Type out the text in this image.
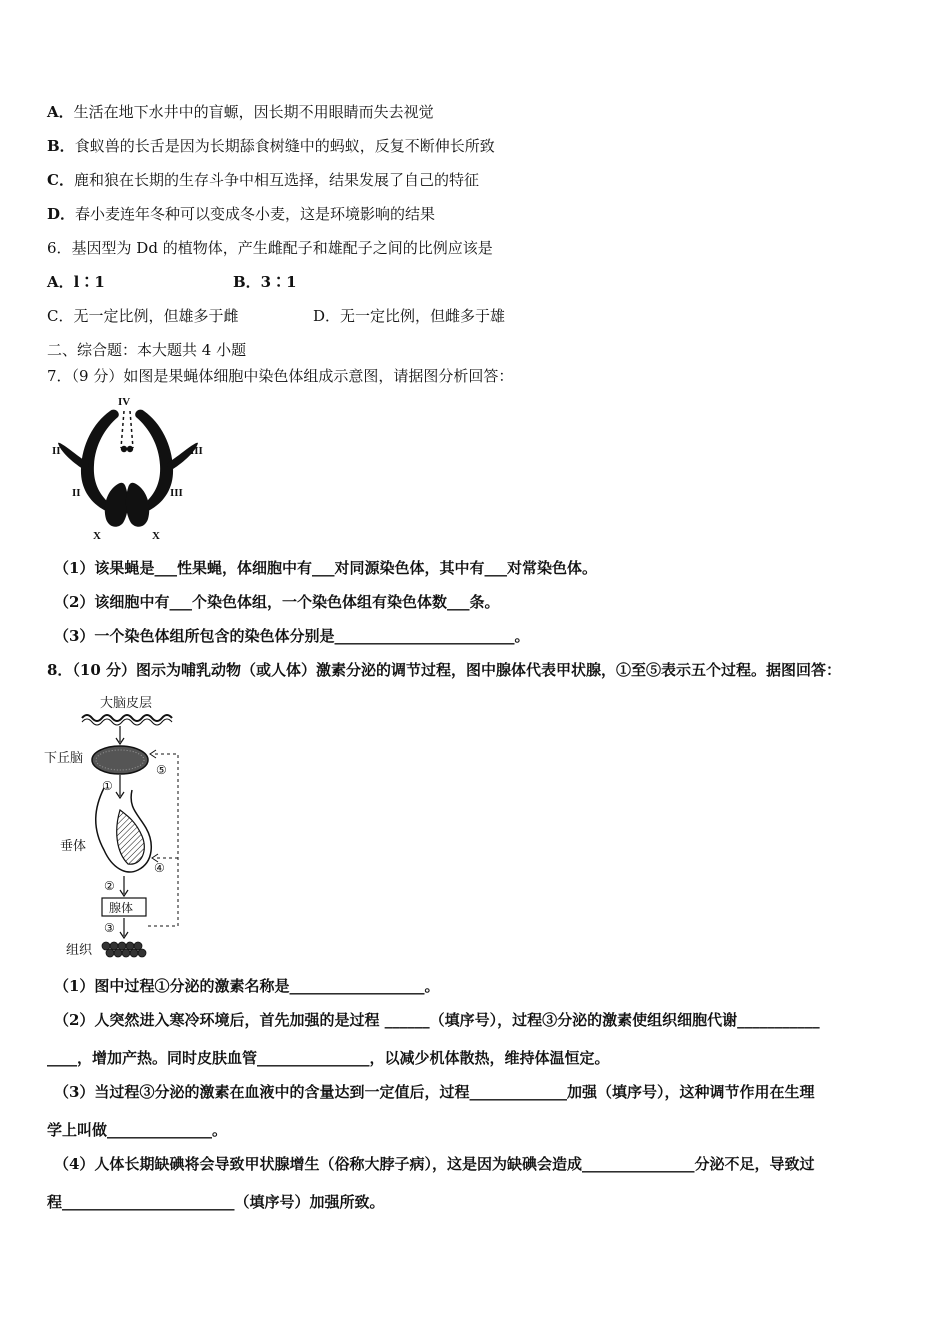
A．生活在地下水井中的盲螈，因长期不用眼睛而失去视觉
B．食蚁兽的长舌是因为长期舔食树缝中的蚂蚁，反复不断伸长所致
C．鹿和狼在长期的生存斗争中相互选择，结果发展了自己的特征
D．春小麦连年冬种可以变成冬小麦，这是环境影响的结果
6．基因型为 Dd 的植物体，产生雌配子和雄配子之间的比例应该是
A．l∶1	B．3∶1
C．无一定比例，但雄多于雌	D．无一定比例，但雌多于雄
二、综合题：本大题共 4 小题
7．（9 分）如图是果蝇体细胞中染色体组成示意图，请据图分析回答：
IV
II	III
II	III
X	X
（1）该果蝇是___性果蝇，体细胞中有___对同源染色体，其中有___对常染色体。
（2）该细胞中有___个染色体组，一个染色体组有染色体数___条。
（3）一个染色体组所包含的染色体分别是________________________。
8．（10 分）图示为哺乳动物（或人体）激素分泌的调节过程，图中腺体代表甲状腺，①至⑤表示五个过程。据图回答：
大脑皮层
下丘脑
①
垂体
②
腺体
③
组织
⑤
④
（1）图中过程①分泌的激素名称是__________________。
（2）人突然进入寒冷环境后，首先加强的是过程 ______（填序号），过程③分泌的激素使组织细胞代谢___________
____，增加产热。同时皮肤血管_______________，以减少机体散热，维持体温恒定。
（3）当过程③分泌的激素在血液中的含量达到一定值后，过程_____________加强（填序号），这种调节作用在生理
学上叫做______________。
（4）人体长期缺碘将会导致甲状腺增生（俗称大脖子病），这是因为缺碘会造成_______________分泌不足，导致过
程_______________________（填序号）加强所致。
